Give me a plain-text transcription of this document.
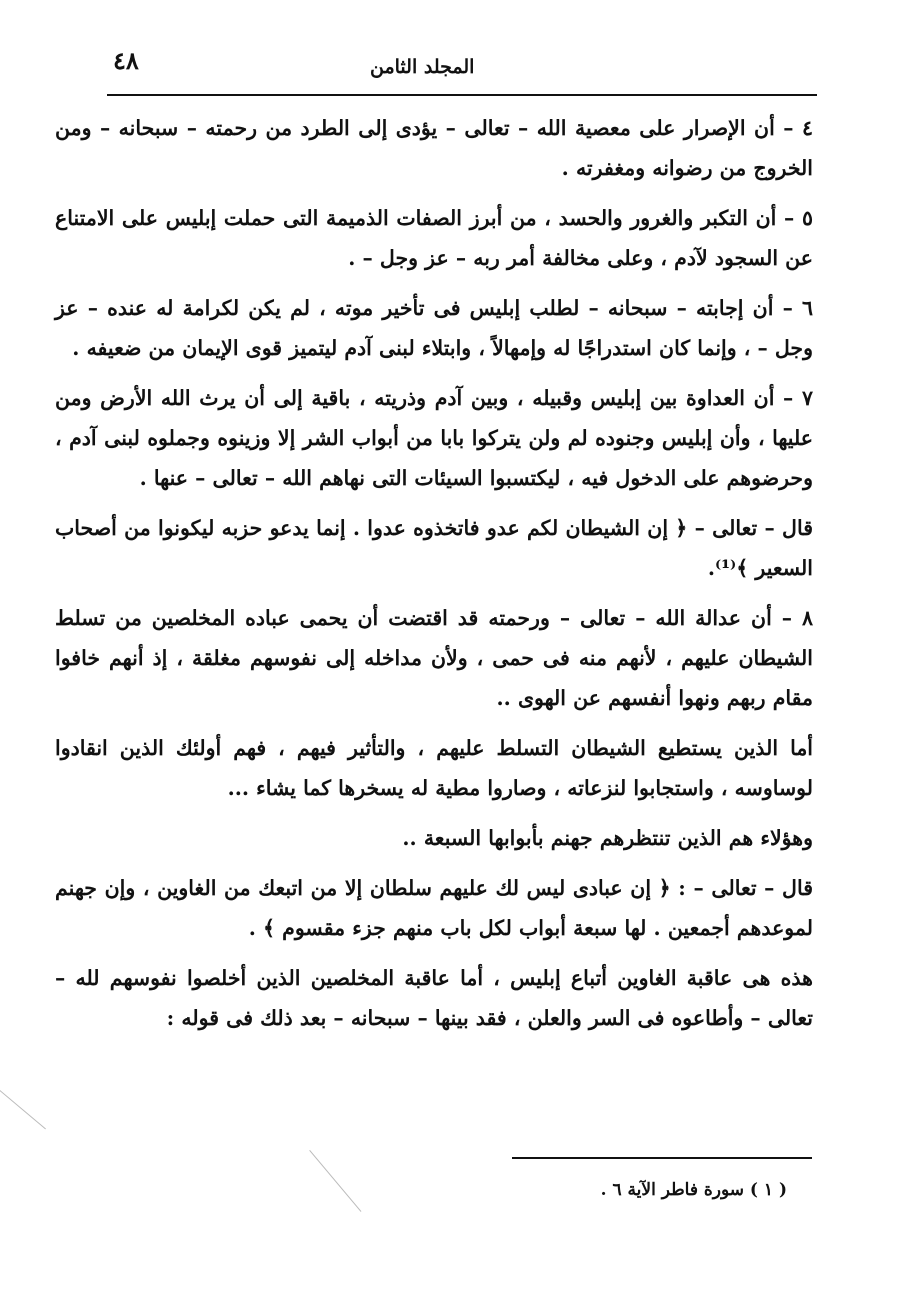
٤٨	المجلد الثامن

٤ – أن الإصرار على معصية الله – تعالى – يؤدى إلى الطرد من رحمته – سبحانه – ومن الخروج من رضوانه ومغفرته .

٥ – أن التكبر والغرور والحسد ، من أبرز الصفات الذميمة التى حملت إبليس على الامتناع عن السجود لآدم ، وعلى مخالفة أمر ربه – عز وجل – .

٦ – أن إجابته – سبحانه – لطلب إبليس فى تأخير موته ، لم يكن لكرامة له عنده – عز وجل – ، وإنما كان استدراجًا له وإمهالاً ، وابتلاء لبنى آدم ليتميز قوى الإيمان من ضعيفه .

٧ – أن العداوة بين إبليس وقبيله ، وبين آدم وذريته ، باقية إلى أن يرث الله الأرض ومن عليها ، وأن إبليس وجنوده لم ولن يتركوا بابا من أبواب الشر إلا وزينوه وجملوه لبنى آدم ، وحرضوهم على الدخول فيه ، ليكتسبوا السيئات التى نهاهم الله – تعالى – عنها .

قال – تعالى – ﴿ إن الشيطان لكم عدو فاتخذوه عدوا . إنما يدعو حزبه ليكونوا من أصحاب السعير ﴾⁽¹⁾.

٨ – أن عدالة الله – تعالى – ورحمته قد اقتضت أن يحمى عباده المخلصين من تسلط الشيطان عليهم ، لأنهم منه فى حمى ، ولأن مداخله إلى نفوسهم مغلقة ، إذ أنهم خافوا مقام ربهم ونهوا أنفسهم عن الهوى ..

أما الذين يستطيع الشيطان التسلط عليهم ، والتأثير فيهم ، فهم أولئك الذين انقادوا لوساوسه ، واستجابوا لنزعاته ، وصاروا مطية له يسخرها كما يشاء ...

وهؤلاء هم الذين تنتظرهم جهنم بأبوابها السبعة ..

قال – تعالى – : ﴿ إن عبادى ليس لك عليهم سلطان إلا من اتبعك من الغاوين ، وإن جهنم لموعدهم أجمعين . لها سبعة أبواب لكل باب منهم جزء مقسوم ﴾ .

هذه هى عاقبة الغاوين أتباع إبليس ، أما عاقبة المخلصين الذين أخلصوا نفوسهم لله – تعالى – وأطاعوه فى السر والعلن ، فقد بينها – سبحانه – بعد ذلك فى قوله :

( ١ ) سورة فاطر الآية ٦ .
